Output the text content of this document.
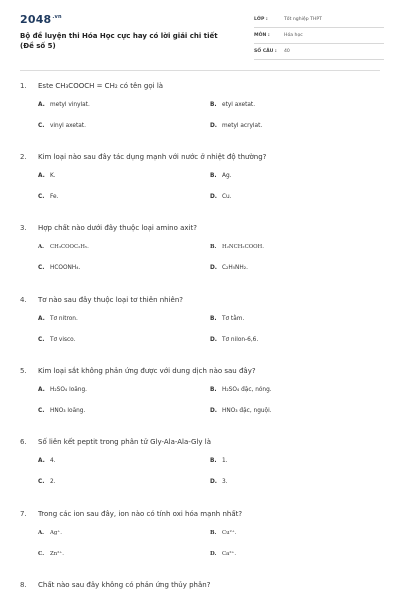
$2048^{.vn}$
Bộ đề luyện thi Hóa Học cực hay có lời giải chi tiết (Đề số 5)
LỚP :	Tốt nghiệp THPT
MÔN :	Hóa học
SỐ CÂU : 40
1. Este CH₃COOCH = CH₂ có tên gọi là
A. metyl vinylat.	B. etyl axetat.
C. vinyl axetat.	D. metyl acrylat.
2. Kim loại nào sau đây tác dụng mạnh với nước ở nhiệt độ thường?
A. K.	B. Ag.
C. Fe.	D. Cu.
3. Hợp chất nào dưới đây thuộc loại amino axit?
A. CH₃COOC₂H₅.	B. H₂NCH₂COOH.
C. HCOONH₄.	D. C₂H₅NH₂.
4. Tơ nào sau đây thuộc loại tơ thiên nhiên?
A. Tơ nitron.	B. Tơ tằm.
C. Tơ visco.	D. Tơ nilon-6,6.
5. Kim loại sắt không phản ứng được với dung dịch nào sau đây?
A. H₂SO₄ loãng.	B. H₂SO₄ đặc, nóng.
C. HNO₃ loãng.	D. HNO₃ đặc, nguội.
6. Số liên kết peptit trong phân tử Gly-Ala-Ala-Gly là
A. 4.	B. 1.
C. 2.	D. 3.
7. Trong các ion sau đây, ion nào có tính oxi hóa mạnh nhất?
A. Ag⁺.	B. Cu²⁺.
C. Zn²⁺.	D. Ca²⁺.
8. Chất nào sau đây không có phản ứng thủy phân?
